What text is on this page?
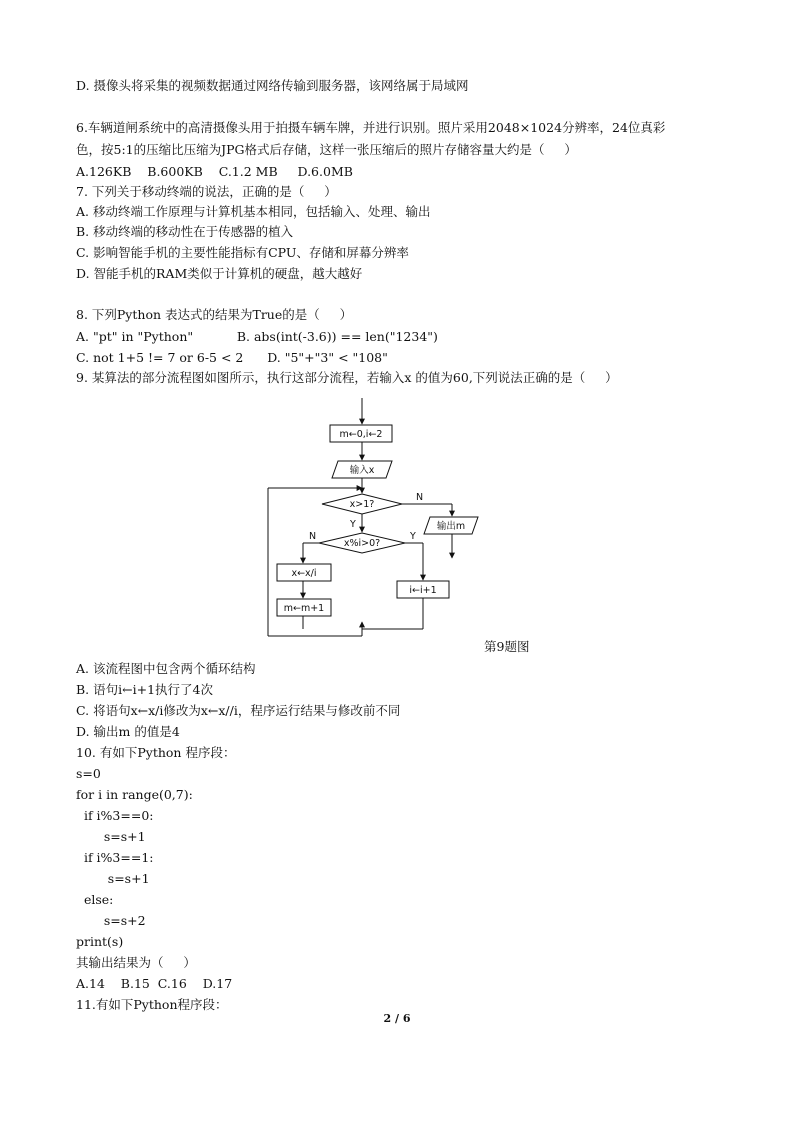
D. 摄像头将采集的视频数据通过网络传输到服务器，该网络属于局域网
6.车辆道闸系统中的高清摄像头用于拍摄车辆车牌，并进行识别。照片采用2048×1024分辨率，24位真彩
色，按5:1的压缩比压缩为JPG格式后存储，这样一张压缩后的照片存储容量大约是（     ）
A.126KB    B.600KB    C.1.2 MB     D.6.0MB
7. 下列关于移动终端的说法，正确的是（     ）
A. 移动终端工作原理与计算机基本相同，包括输入、处理、输出
B. 移动终端的移动性在于传感器的植入
C. 影响智能手机的主要性能指标有CPU、存储和屏幕分辨率
D. 智能手机的RAM类似于计算机的硬盘，越大越好
8. 下列Python 表达式的结果为True的是（     ）
A. "pt" in "Python"           B. abs(int(-3.6)) == len("1234")
C. not 1+5 != 7 or 6-5 < 2      D. "5"+"3" < "108"
9. 某算法的部分流程图如图所示，执行这部分流程，若输入x 的值为60,下列说法正确的是（     ）
m←0,i←2
输入x
x>1?
N
Y	输出m
x%i>0?
N	Y
x←x/i
m←m+1
i←i+1
第9题图
A. 该流程图中包含两个循环结构
B. 语句i←i+1执行了4次
C. 将语句x←x/i修改为x←x//i，程序运行结果与修改前不同
D. 输出m 的值是4
10. 有如下Python 程序段：
s=0
for i in range(0,7):
if i%3==0:
s=s+1
if i%3==1:
s=s+1
else:
s=s+2
print(s)
其输出结果为（     ）
A.14    B.15  C.16    D.17
11.有如下Python程序段：
2 / 6
